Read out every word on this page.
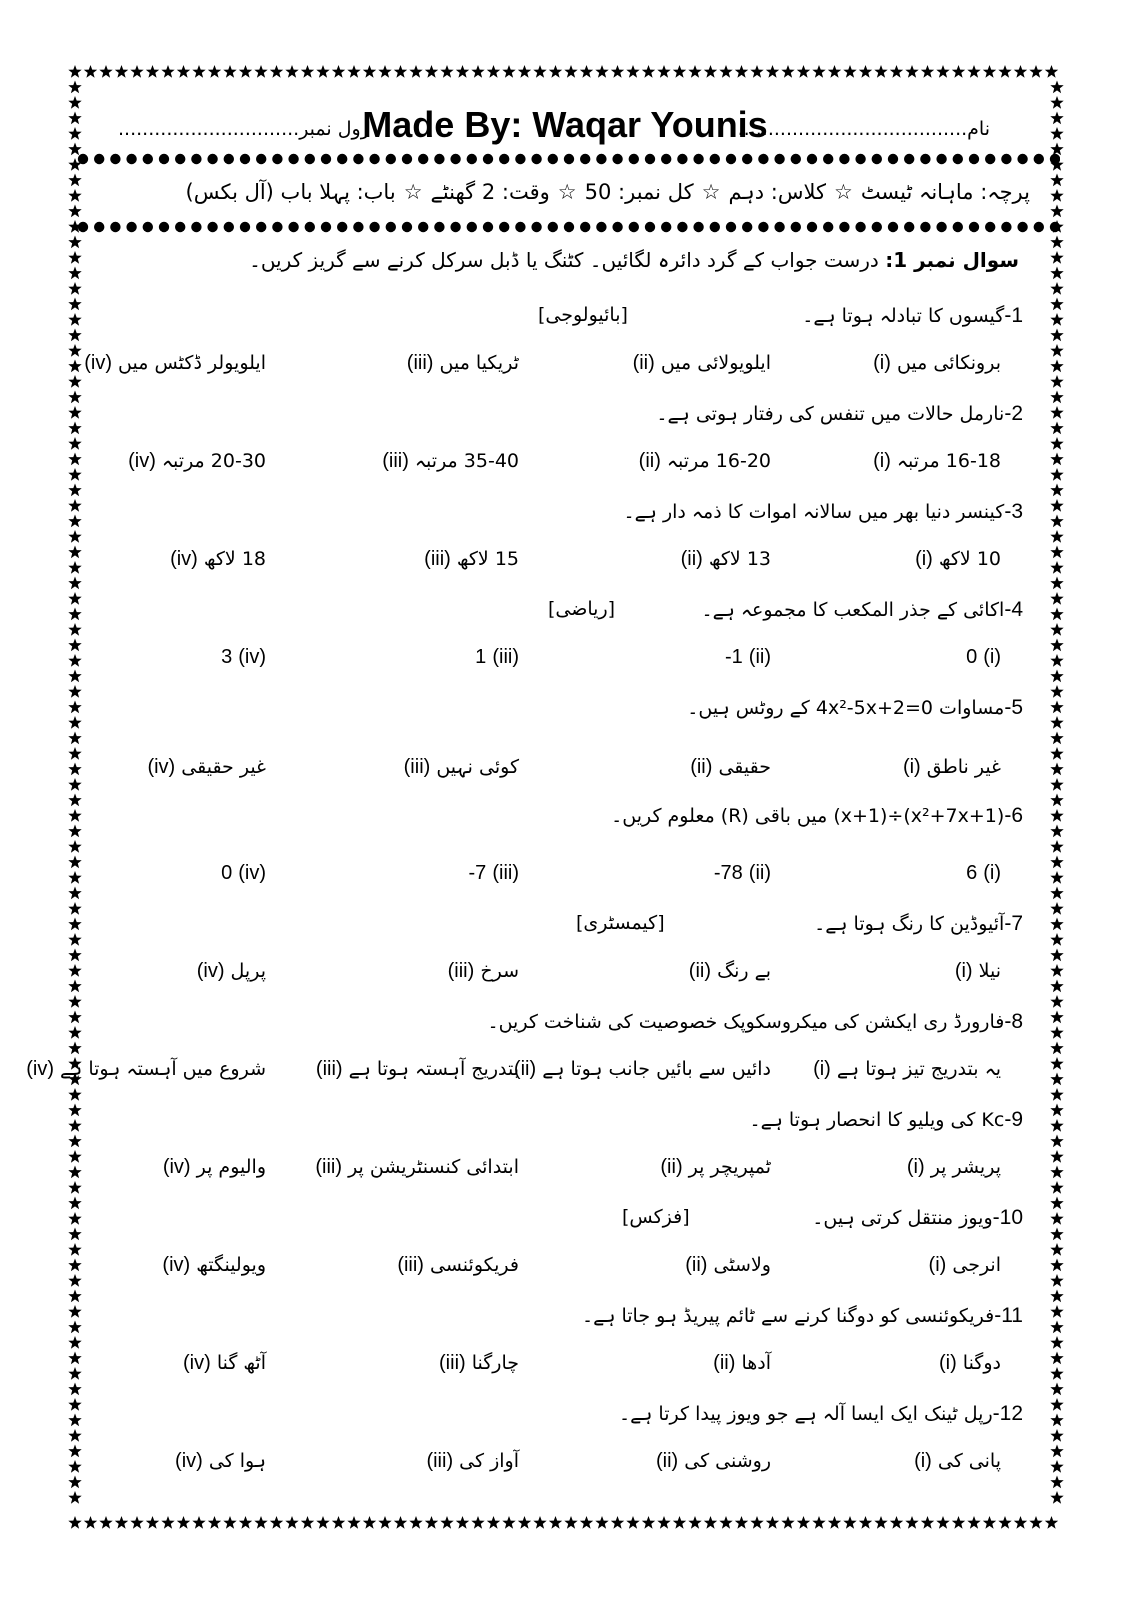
نام......................................
Made By: Waqar Younis
رول نمبر..............................
پرچہ: ماہانہ ٹیسٹ☆کلاس: دہم☆کل نمبر: 50☆وقت: 2 گھنٹے☆باب: پہلا باب (آل بکس)
سوال نمبر 1: درست جواب کے گرد دائرہ لگائیں۔ کٹنگ یا ڈبل سرکل کرنے سے گریز کریں۔
1-گیسوں کا تبادلہ ہوتا ہے۔
[بائیولوجی]
(i) برونکائی میں
(ii) ایلویولائی میں
(iii) ٹریکیا میں
(iv) ایلویولر ڈکٹس میں
2-نارمل حالات میں تنفس کی رفتار ہوتی ہے۔
(i) 16-18 مرتبہ
(ii) 16-20 مرتبہ
(iii) 35-40 مرتبہ
(iv) 20-30 مرتبہ
3-کینسر دنیا بھر میں سالانہ اموات کا ذمہ دار ہے۔
(i) 10 لاکھ
(ii) 13 لاکھ
(iii) 15 لاکھ
(iv) 18 لاکھ
4-اکائی کے جذر المکعب کا مجموعہ ہے۔
[ریاضی]
0 (i)
-1 (ii)
1 (iii)
3 (iv)
5-مساوات 4x²-5x+2=0 کے روٹس ہیں۔
(i) غیر ناطق
(ii) حقیقی
(iii) کوئی نہیں
(iv) غیر حقیقی
6-(x²+7x+1)÷(x+1) میں باقی (R) معلوم کریں۔
6 (i)
-78 (ii)
-7 (iii)
0 (iv)
7-آئیوڈین کا رنگ ہوتا ہے۔
[کیمسٹری]
(i) نیلا
(ii) بے رنگ
(iii) سرخ
(iv) پرپل
8-فارورڈ ری ایکشن کی میکروسکوپک خصوصیت کی شناخت کریں۔
(i) یہ بتدریج تیز ہوتا ہے
(ii) دائیں سے بائیں جانب ہوتا ہے
(iii) بتدریج آہستہ ہوتا ہے
(iv) شروع میں آہستہ ہوتا ہے
9-Kc کی ویلیو کا انحصار ہوتا ہے۔
(i) پریشر پر
(ii) ٹمپریچر پر
(iii) ابتدائی کنسنٹریشن پر
(iv) والیوم پر
10-ویوز منتقل کرتی ہیں۔
[فزکس]
(i) انرجی
(ii) ولاسٹی
(iii) فریکوئنسی
(iv) ویولینگتھ
11-فریکوئنسی کو دوگنا کرنے سے ٹائم پیریڈ ہو جاتا ہے۔
(i) دوگنا
(ii) آدھا
(iii) چارگنا
(iv) آٹھ گنا
12-رپل ٹینک ایک ایسا آلہ ہے جو ویوز پیدا کرتا ہے۔
(i) پانی کی
(ii) روشنی کی
(iii) آواز کی
(iv) ہوا کی
